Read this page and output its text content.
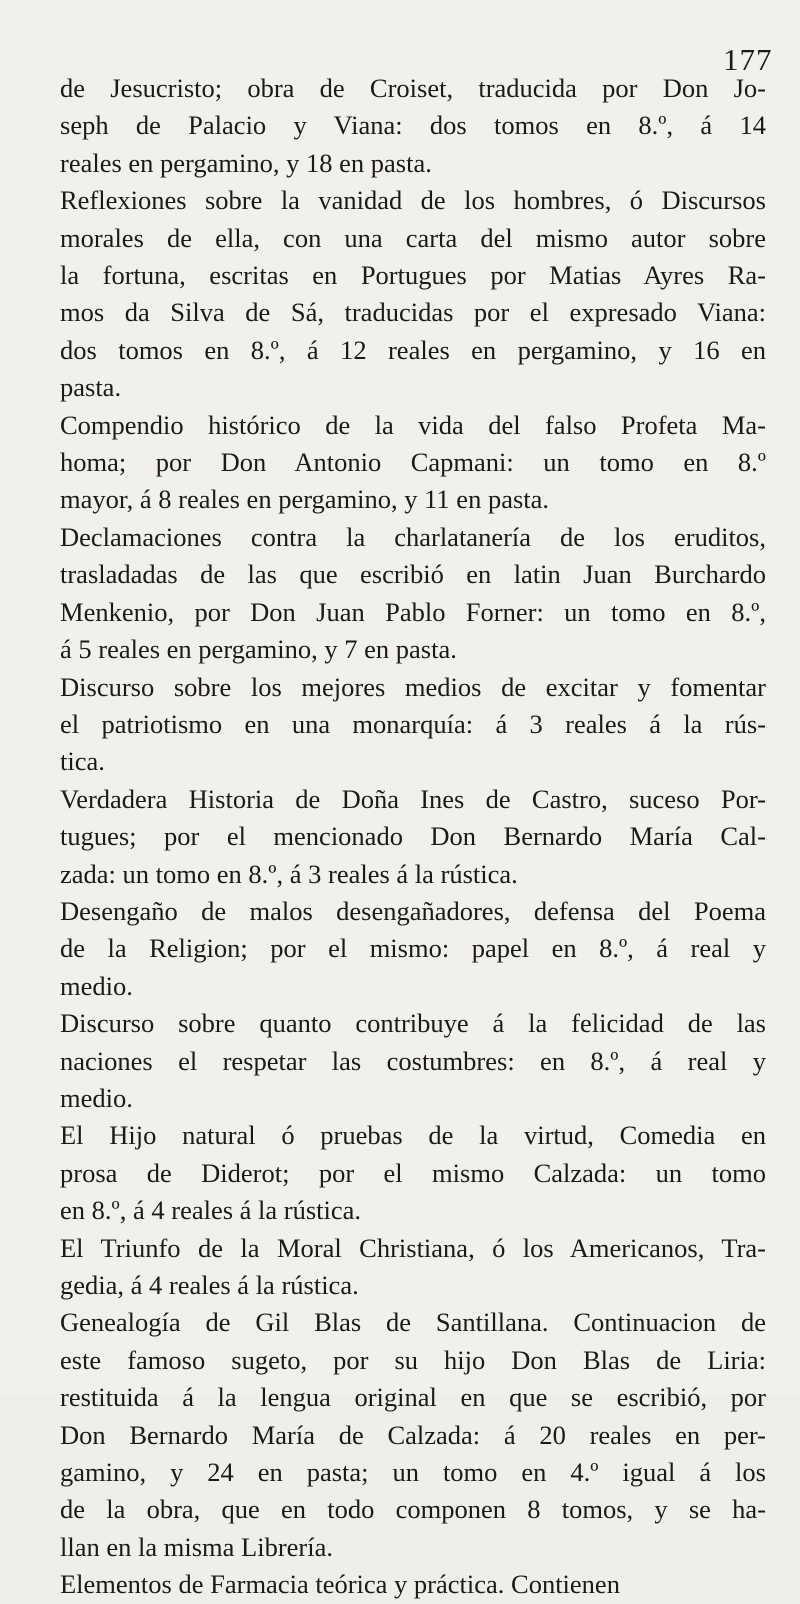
177

de Jesucristo; obra de Croiset, traducida por Don Jo-
seph de Palacio y Viana: dos tomos en 8.º, á 14
reales en pergamino, y 18 en pasta.

Reflexiones sobre la vanidad de los hombres, ó Discursos
morales de ella, con una carta del mismo autor sobre
la fortuna, escritas en Portugues por Matias Ayres Ra-
mos da Silva de Sá, traducidas por el expresado Viana:
dos tomos en 8.º, á 12 reales en pergamino, y 16 en
pasta.

Compendio histórico de la vida del falso Profeta Ma-
homa; por Don Antonio Capmani: un tomo en 8.º
mayor, á 8 reales en pergamino, y 11 en pasta.

Declamaciones contra la charlatanería de los eruditos,
trasladadas de las que escribió en latin Juan Burchardo
Menkenio, por Don Juan Pablo Forner: un tomo en 8.º,
á 5 reales en pergamino, y 7 en pasta.

Discurso sobre los mejores medios de excitar y fomentar
el patriotismo en una monarquía: á 3 reales á la rús-
tica.

Verdadera Historia de Doña Ines de Castro, suceso Por-
tugues; por el mencionado Don Bernardo María Cal-
zada: un tomo en 8.º, á 3 reales á la rústica.

Desengaño de malos desengañadores, defensa del Poema
de la Religion; por el mismo: papel en 8.º, á real y
medio.

Discurso sobre quanto contribuye á la felicidad de las
naciones el respetar las costumbres: en 8.º, á real y
medio.

El Hijo natural ó pruebas de la virtud, Comedia en
prosa de Diderot; por el mismo Calzada: un tomo
en 8.º, á 4 reales á la rústica.

El Triunfo de la Moral Christiana, ó los Americanos, Tra-
gedia, á 4 reales á la rústica.

Genealogía de Gil Blas de Santillana. Continuacion de
este famoso sugeto, por su hijo Don Blas de Liria:
restituida á la lengua original en que se escribió, por
Don Bernardo María de Calzada: á 20 reales en per-
gamino, y 24 en pasta; un tomo en 4.º igual á los
de la obra, que en todo componen 8 tomos, y se ha-
llan en la misma Librería.

Elementos de Farmacia teórica y práctica. Contienen
